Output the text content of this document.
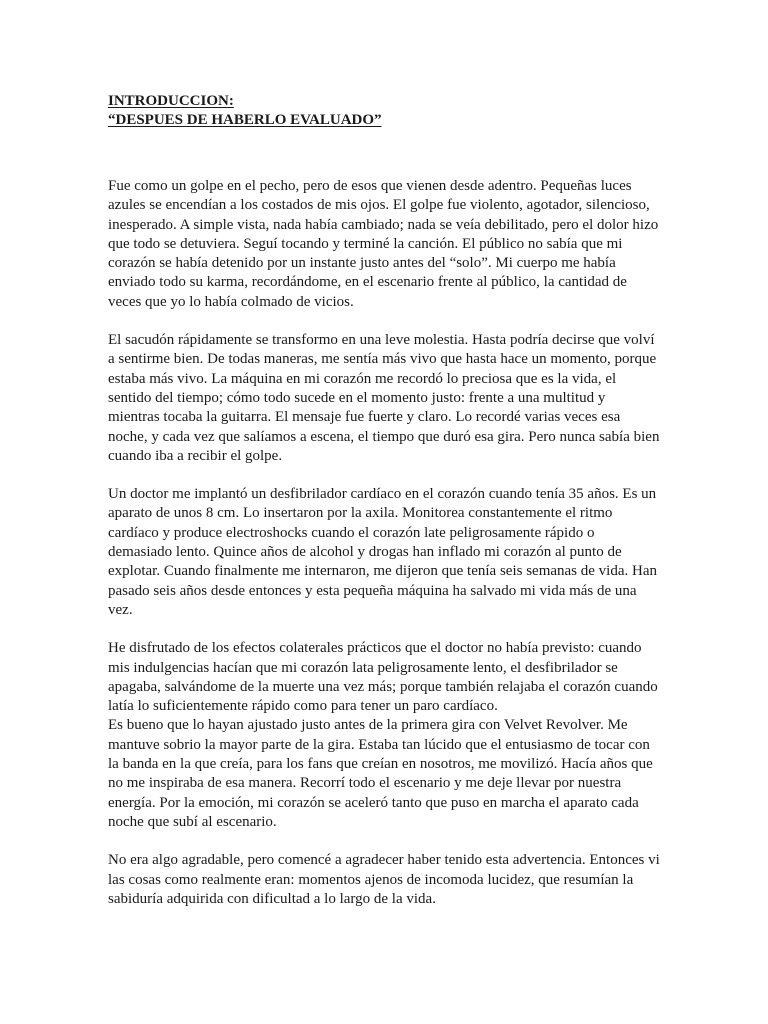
INTRODUCCION:
“DESPUES DE HABERLO EVALUADO”

Fue como un golpe en el pecho, pero de esos que vienen desde adentro. Pequeñas luces
azules se encendían a los costados de mis ojos. El golpe fue violento, agotador, silencioso,
inesperado. A simple vista, nada había cambiado; nada se veía debilitado, pero el dolor hizo
que todo se detuviera. Seguí tocando y terminé la canción. El público no sabía que mi
corazón se había detenido por un instante justo antes del “solo”. Mi cuerpo me había
enviado todo su karma, recordándome, en el escenario frente al público, la cantidad de
veces que yo lo había colmado de vicios.

El sacudón rápidamente se transformo en una leve molestia. Hasta podría decirse que volví
a sentirme bien. De todas maneras, me sentía más vivo que hasta hace un momento, porque
estaba más vivo. La máquina en mi corazón me recordó lo preciosa que es la vida, el
sentido del tiempo; cómo todo sucede en el momento justo: frente a una multitud y
mientras tocaba la guitarra. El mensaje fue fuerte y claro. Lo recordé varias veces esa
noche, y cada vez que salíamos a escena, el tiempo que duró esa gira. Pero nunca sabía bien
cuando iba a recibir el golpe.

Un doctor me implantó un desfibrilador cardíaco en el corazón cuando tenía 35 años. Es un
aparato de unos 8 cm. Lo insertaron por la axila. Monitorea constantemente el ritmo
cardíaco y produce electroshocks cuando el corazón late peligrosamente rápido o
demasiado lento. Quince años de alcohol y drogas han inflado mi corazón al punto de
explotar. Cuando finalmente me internaron, me dijeron que tenía seis semanas de vida. Han
pasado seis años desde entonces y esta pequeña máquina ha salvado mi vida más de una
vez.

He disfrutado de los efectos colaterales prácticos que el doctor no había previsto: cuando
mis indulgencias hacían que mi corazón lata peligrosamente lento, el desfibrilador se
apagaba, salvándome de la muerte una vez más; porque también relajaba el corazón cuando
latía lo suficientemente rápido como para tener un paro cardíaco.

Es bueno que lo hayan ajustado justo antes de la primera gira con Velvet Revolver. Me
mantuve sobrio la mayor parte de la gira. Estaba tan lúcido que el entusiasmo de tocar con
la banda en la que creía, para los fans que creían en nosotros, me movilizó. Hacía años que
no me inspiraba de esa manera. Recorrí todo el escenario y me deje llevar por nuestra
energía. Por la emoción, mi corazón se aceleró tanto que puso en marcha el aparato cada
noche que subí al escenario.

No era algo agradable, pero comencé a agradecer haber tenido esta advertencia. Entonces vi
las cosas como realmente eran: momentos ajenos de incomoda lucidez, que resumían la
sabiduría adquirida con dificultad a lo largo de la vida.
